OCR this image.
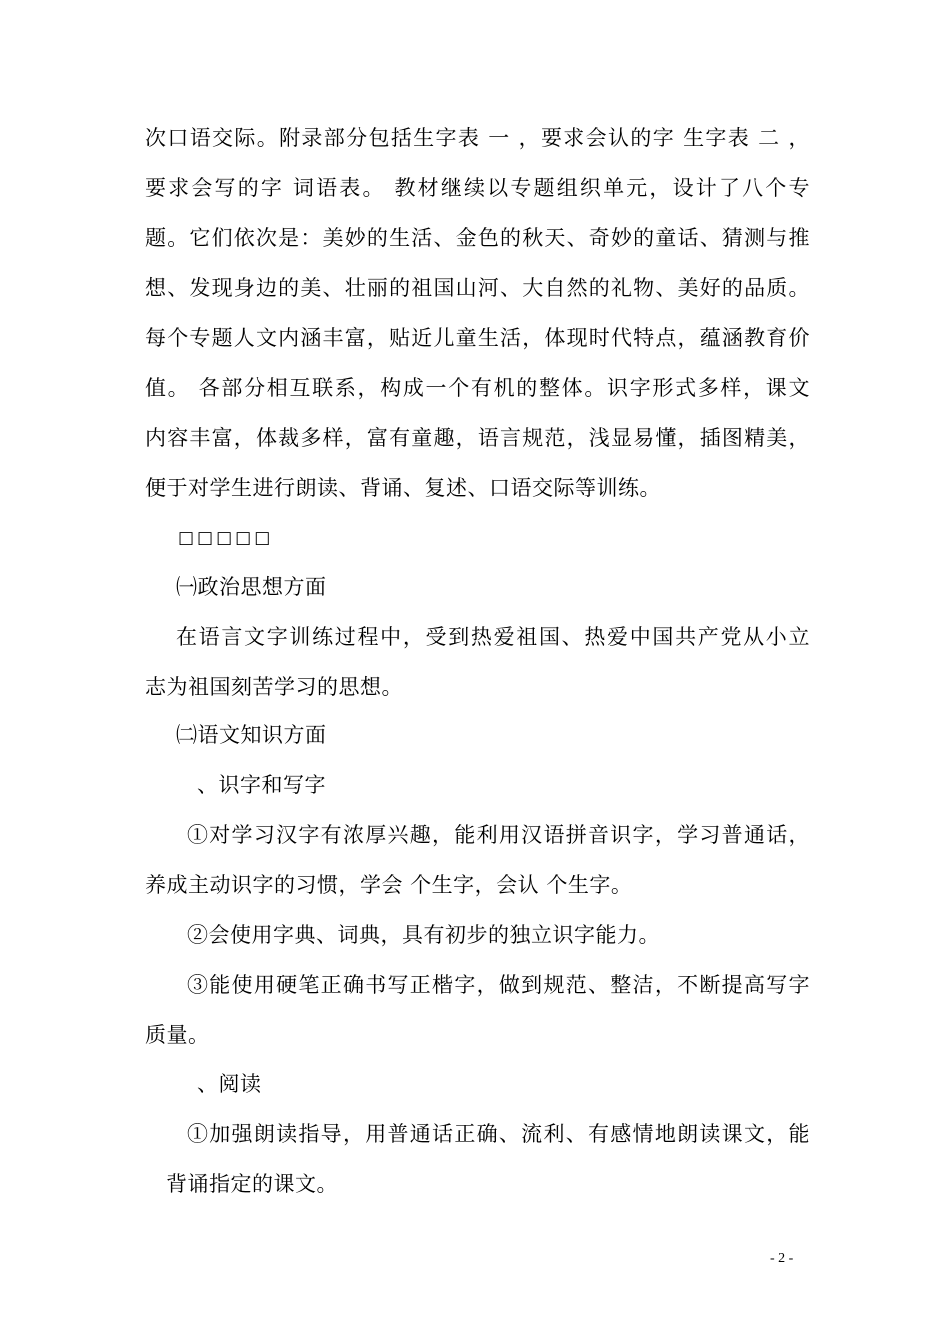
次口语交际。附录部分包括生字表 一 ，要求会认的字 生字表 二 ，
要求会写的字 词语表。 教材继续以专题组织单元，设计了八个专
题。它们依次是：美妙的生活、金色的秋天、奇妙的童话、猜测与推
想、发现身边的美、壮丽的祖国山河、大自然的礼物、美好的品质。
每个专题人文内涵丰富，贴近儿童生活，体现时代特点，蕴涵教育价
值。 各部分相互联系，构成一个有机的整体。识字形式多样，课文
内容丰富，体裁多样，富有童趣，语言规范，浅显易懂，插图精美，
便于对学生进行朗读、背诵、复述、口语交际等训练。
□□□□□
㈠政治思想方面
在语言文字训练过程中，受到热爱祖国、热爱中国共产党从小立
志为祖国刻苦学习的思想。
㈡语文知识方面
、识字和写字
①对学习汉字有浓厚兴趣，能利用汉语拼音识字，学习普通话，
养成主动识字的习惯，学会 个生字，会认 个生字。
②会使用字典、词典，具有初步的独立识字能力。
③能使用硬笔正确书写正楷字，做到规范、整洁，不断提高写字
质量。
、阅读
①加强朗读指导，用普通话正确、流利、有感情地朗读课文，能
背诵指定的课文。
- 2 -
